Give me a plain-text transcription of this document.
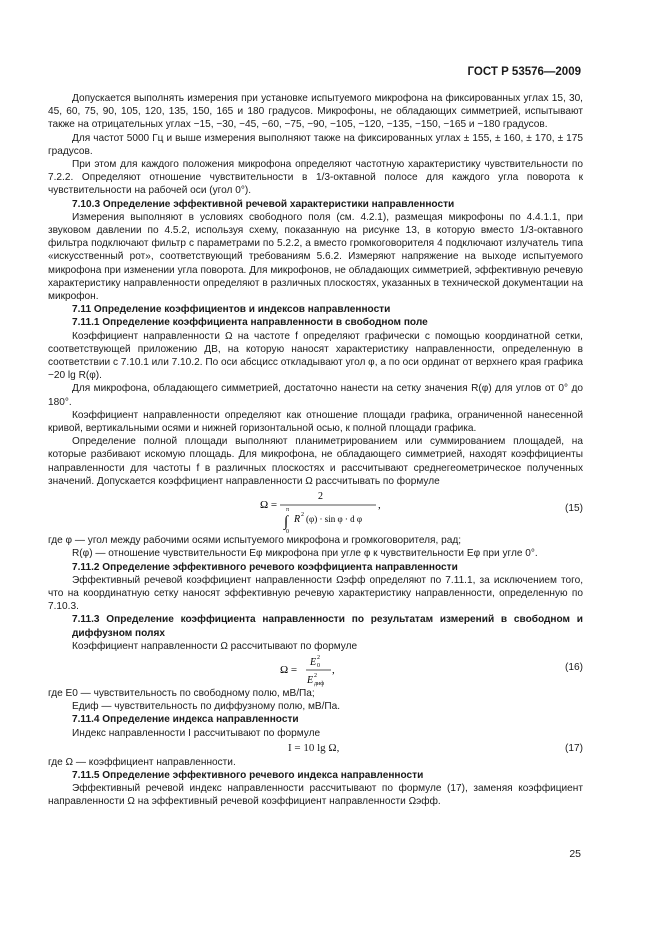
ГОСТ Р 53576—2009

Допускается выполнять измерения при установке испытуемого микрофона на фиксированных углах 15, 30, 45, 60, 75, 90, 105, 120, 135, 150, 165 и 180 градусов. Микрофоны, не обладающих симметрией, испытывают также на отрицательных углах −15, −30, −45, −60, −75, −90, −105, −120, −135, −150, −165 и −180 градусов.

Для частот 5000 Гц и выше измерения выполняют также на фиксированных углах ± 155, ± 160, ± 170, ± 175 градусов.

При этом для каждого положения микрофона определяют частотную характеристику чувствительности по 7.2.2. Определяют отношение чувствительности в 1/3-октавной полосе для каждого угла поворота к чувствительности на рабочей оси (угол 0°).

7.10.3 Определение эффективной речевой характеристики направленности

Измерения выполняют в условиях свободного поля (см. 4.2.1), размещая микрофоны по 4.4.1.1, при звуковом давлении по 4.5.2, используя схему, показанную на рисунке 13, в которую вместо 1/3-октавного фильтра подключают фильтр с параметрами по 5.2.2, а вместо громкоговорителя 4 подключают излучатель типа «искусственный рот», соответствующий требованиям 5.6.2. Измеряют напряжение на выходе испытуемого микрофона при изменении угла поворота. Для микрофонов, не обладающих симметрией, эффективную речевую характеристику направленности определяют в различных плоскостях, указанных в технической документации на микрофон.

7.11 Определение коэффициентов и индексов направленности

7.11.1 Определение коэффициента направленности в свободном поле

Коэффициент направленности Ω на частоте f определяют графически с помощью координатной сетки, соответствующей приложению ДВ, на которую наносят характеристику направленности, определенную в соответствии с 7.10.1 или 7.10.2. По оси абсцисс откладывают угол φ, а по оси ординат от верхнего края графика −20 lg R(φ).

Для микрофона, обладающего симметрией, достаточно нанести на сетку значения R(φ) для углов от 0° до 180°.

Коэффициент направленности определяют как отношение площади графика, ограниченной нанесенной кривой, вертикальными осями и нижней горизонтальной осью, к полной площади графика.

Определение полной площади выполняют планиметрированием или суммированием площадей, на которые разбивают искомую площадь. Для микрофона, не обладающего симметрией, находят коэффициенты направленности для частоты f в различных плоскостях и рассчитывают среднегеометрическое полученных значений. Допускается коэффициент направленности Ω рассчитывать по формуле

Ω =
2
,
∫
π
0
R 2 (φ) · sin φ · d φ
(15)

где φ — угол между рабочими осями испытуемого микрофона и громкоговорителя, рад;

R(φ) — отношение чувствительности Eφ микрофона при угле φ к чувствительности Eφ при угле 0°.

7.11.2 Определение эффективного речевого коэффициента направленности

Эффективный речевой коэффициент направленности Ωэфф определяют по 7.11.1, за исключением того, что на координатную сетку наносят эффективную речевую характеристику направленности, определенную по 7.10.3.

7.11.3 Определение коэффициента направленности по результатам измерений в свободном и диффузном полях

Коэффициент направленности Ω рассчитывают по формуле

Ω =
E 2
0
E 2
диф
,	(16)

где E0 — чувствительность по свободному полю, мВ/Па;

Eдиф — чувствительность по диффузному полю, мВ/Па.

7.11.4 Определение индекса направленности

Индекс направленности I рассчитывают по формуле

I = 10 lg Ω,	(17)

где Ω — коэффициент направленности.

7.11.5 Определение эффективного речевого индекса направленности

Эффективный речевой индекс направленности рассчитывают по формуле (17), заменяя коэффициент направленности Ω на эффективный речевой коэффициент направленности Ωэфф.

25
